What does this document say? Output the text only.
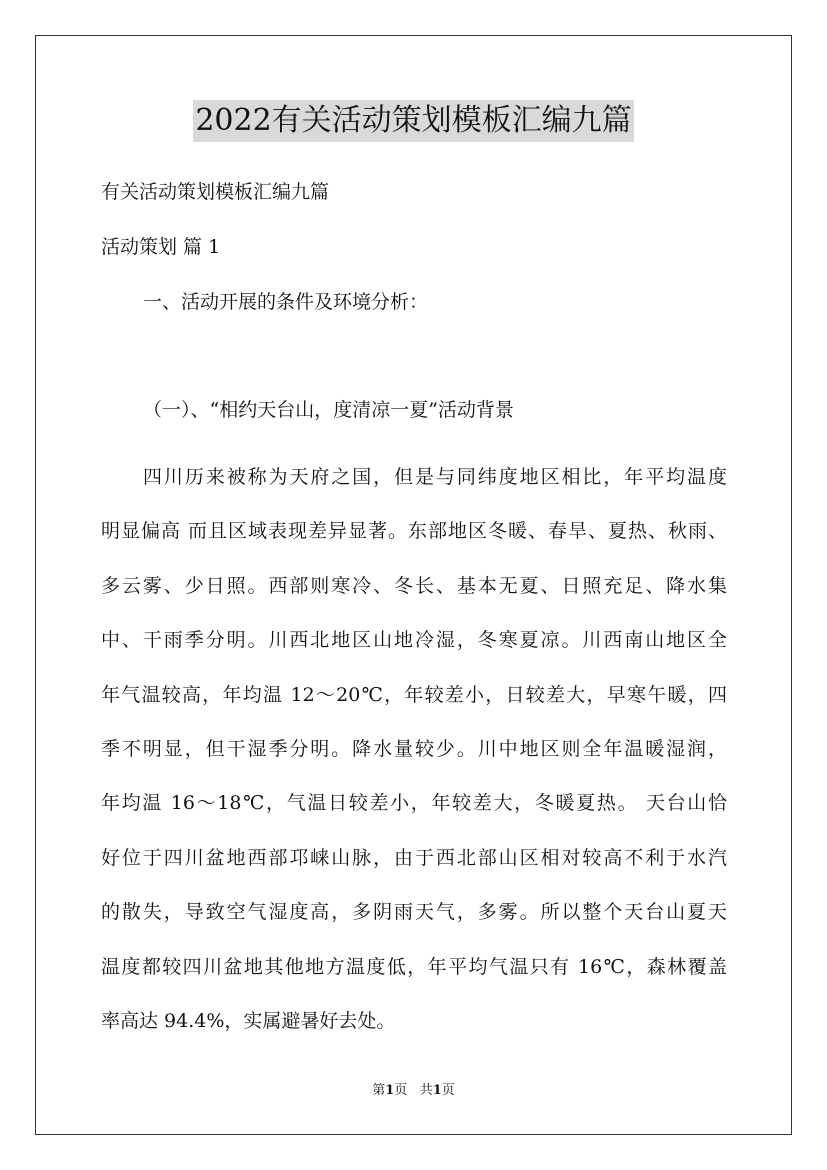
2022有关活动策划模板汇编九篇
有关活动策划模板汇编九篇
活动策划 篇 1
一、活动开展的条件及环境分析：
（一）、“相约天台山，度清凉一夏”活动背景
四川历来被称为天府之国，但是与同纬度地区相比，年平均温度
明显偏高 而且区域表现差异显著。东部地区冬暖、春旱、夏热、秋雨、
多云雾、少日照。西部则寒冷、冬长、基本无夏、日照充足、降水集
中、干雨季分明。川西北地区山地冷湿，冬寒夏凉。川西南山地区全
年气温较高，年均温 12～20℃，年较差小，日较差大，早寒午暖，四
季不明显，但干湿季分明。降水量较少。川中地区则全年温暖湿润，
年均温 16～18℃，气温日较差小，年较差大，冬暖夏热。 天台山恰
好位于四川盆地西部邛崃山脉，由于西北部山区相对较高不利于水汽
的散失，导致空气湿度高，多阴雨天气，多雾。所以整个天台山夏天
温度都较四川盆地其他地方温度低，年平均气温只有 16℃，森林覆盖
率高达 94.4%，实属避暑好去处。
第1页 共1页
